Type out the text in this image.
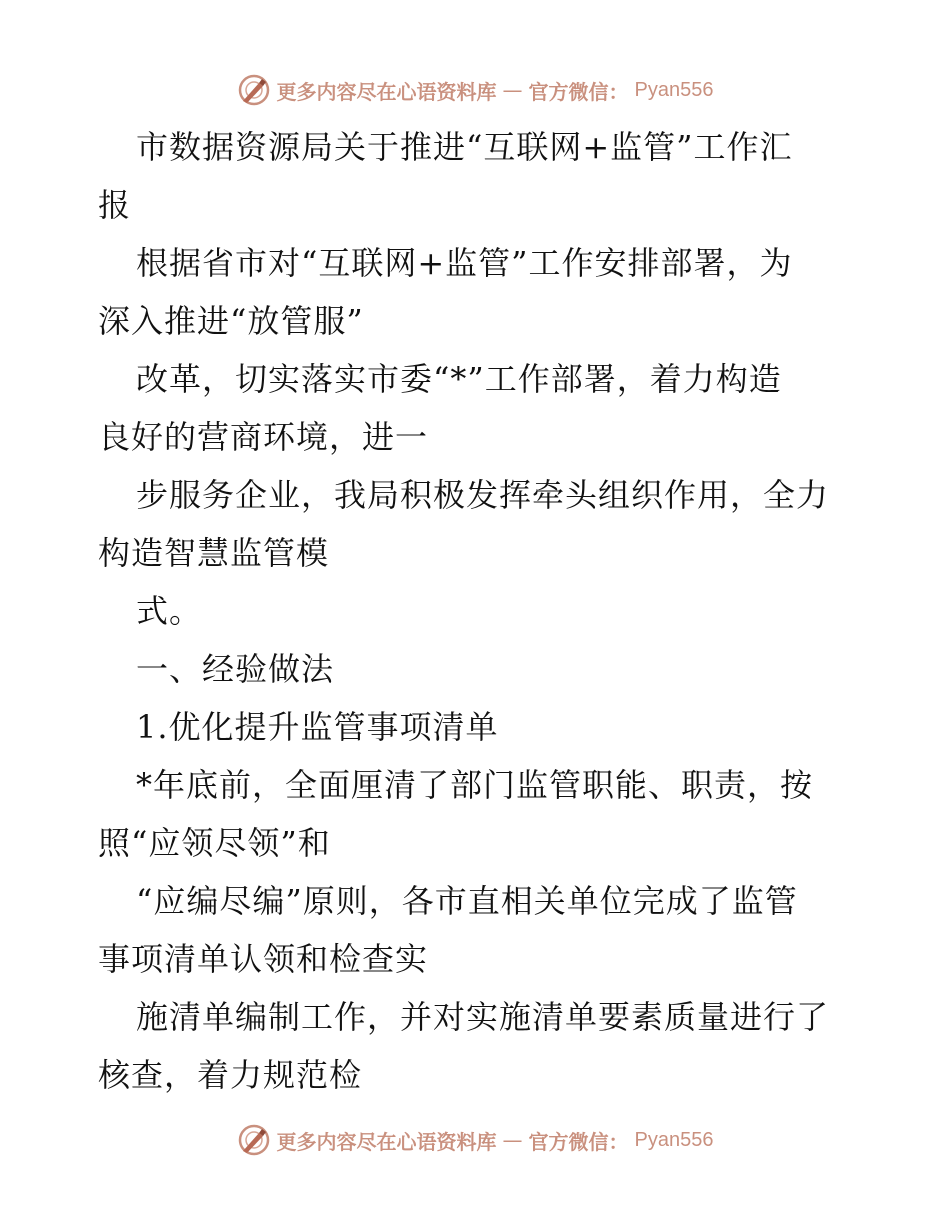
更多内容尽在心语资料库 — 官方微信： Pyan556
市数据资源局关于推进“互联网+监管”工作汇
报
根据省市对“互联网+监管”工作安排部署，为
深入推进“放管服”
改革，切实落实市委“*”工作部署，着力构造
良好的营商环境，进一
步服务企业，我局积极发挥牵头组织作用，全力
构造智慧监管模
式。
一、经验做法
1.优化提升监管事项清单
*年底前，全面厘清了部门监管职能、职责，按
照“应领尽领”和
“应编尽编”原则，各市直相关单位完成了监管
事项清单认领和检查实
施清单编制工作，并对实施清单要素质量进行了
核查，着力规范检
更多内容尽在心语资料库 — 官方微信： Pyan556
